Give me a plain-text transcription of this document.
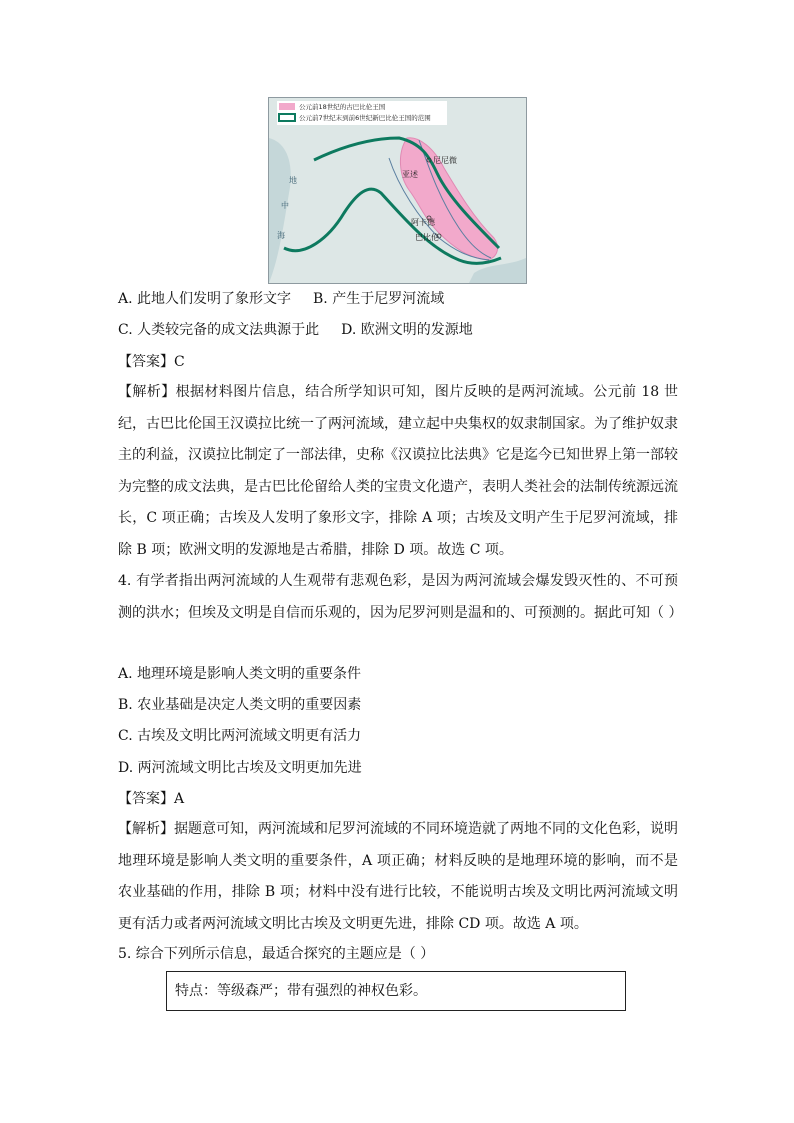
公元前18世纪的古巴比伦王国
公元前7世纪末到前6世纪新巴比伦王国的范围
尼尼微
亚述
阿卡德
巴比伦
地
中
海
A. 此地人们发明了象形文字 B. 产生于尼罗河流域
C. 人类较完备的成文法典源于此 D. 欧洲文明的发源地
【答案】C
【解析】根据材料图片信息，结合所学知识可知，图片反映的是两河流域。公元前 18 世纪，古巴比伦国王汉谟拉比统一了两河流域，建立起中央集权的奴隶制国家。为了维护奴隶主的利益，汉谟拉比制定了一部法律，史称《汉谟拉比法典》它是迄今已知世界上第一部较为完整的成文法典，是古巴比伦留给人类的宝贵文化遗产，表明人类社会的法制传统源远流长，C 项正确；古埃及人发明了象形文字，排除 A 项；古埃及文明产生于尼罗河流域，排除 B 项；欧洲文明的发源地是古希腊，排除 D 项。故选 C 项。
4. 有学者指出两河流域的人生观带有悲观色彩，是因为两河流域会爆发毁灭性的、不可预测的洪水；但埃及文明是自信而乐观的，因为尼罗河则是温和的、可预测的。据此可知（ ）
A. 地理环境是影响人类文明的重要条件
B. 农业基础是决定人类文明的重要因素
C. 古埃及文明比两河流域文明更有活力
D. 两河流域文明比古埃及文明更加先进
【答案】A
【解析】据题意可知，两河流域和尼罗河流域的不同环境造就了两地不同的文化色彩，说明地理环境是影响人类文明的重要条件，A 项正确；材料反映的是地理环境的影响，而不是农业基础的作用，排除 B 项；材料中没有进行比较，不能说明古埃及文明比两河流域文明更有活力或者两河流域文明比古埃及文明更先进，排除 CD 项。故选 A 项。
5. 综合下列所示信息，最适合探究的主题应是（ ）
特点：等级森严；带有强烈的神权色彩。
